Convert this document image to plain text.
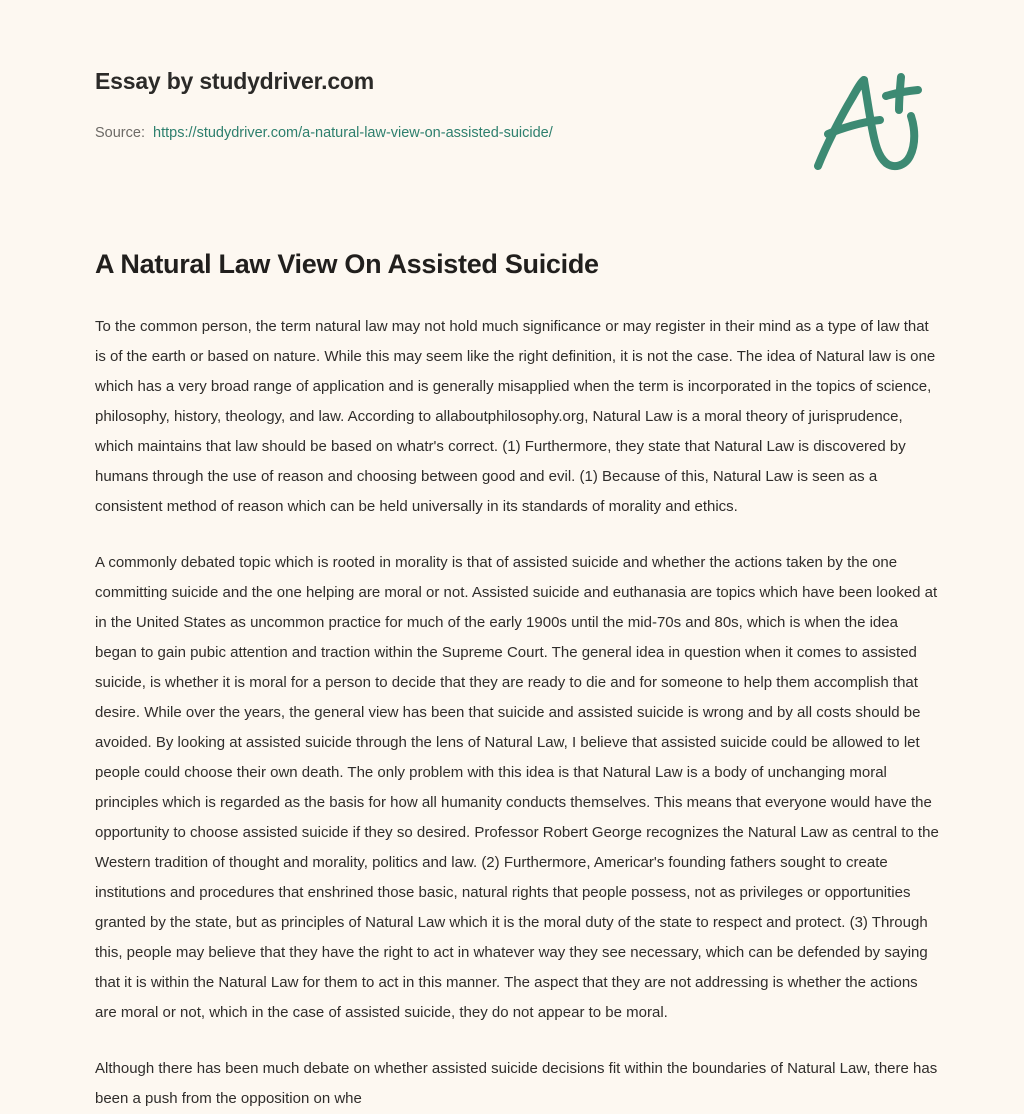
Essay by studydriver.com
Source: https://studydriver.com/a-natural-law-view-on-assisted-suicide/
A Natural Law View On Assisted Suicide

To the common person, the term natural law may not hold much significance or may register in their mind as a type of law that is of the earth or based on nature. While this may seem like the right definition, it is not the case. The idea of Natural law is one which has a very broad range of application and is generally misapplied when the term is incorporated in the topics of science, philosophy, history, theology, and law. According to allaboutphilosophy.org, Natural Law is a moral theory of jurisprudence, which maintains that law should be based on whatr's correct. (1) Furthermore, they state that Natural Law is discovered by humans through the use of reason and choosing between good and evil. (1) Because of this, Natural Law is seen as a consistent method of reason which can be held universally in its standards of morality and ethics.

A commonly debated topic which is rooted in morality is that of assisted suicide and whether the actions taken by the one committing suicide and the one helping are moral or not. Assisted suicide and euthanasia are topics which have been looked at in the United States as uncommon practice for much of the early 1900s until the mid-70s and 80s, which is when the idea began to gain pubic attention and traction within the Supreme Court. The general idea in question when it comes to assisted suicide, is whether it is moral for a person to decide that they are ready to die and for someone to help them accomplish that desire. While over the years, the general view has been that suicide and assisted suicide is wrong and by all costs should be avoided. By looking at assisted suicide through the lens of Natural Law, I believe that assisted suicide could be allowed to let people could choose their own death. The only problem with this idea is that Natural Law is a body of unchanging moral principles which is regarded as the basis for how all humanity conducts themselves. This means that everyone would have the opportunity to choose assisted suicide if they so desired. Professor Robert George recognizes the Natural Law as central to the Western tradition of thought and morality, politics and law. (2) Furthermore, Americar's founding fathers sought to create institutions and procedures that enshrined those basic, natural rights that people possess, not as privileges or opportunities granted by the state, but as principles of Natural Law which it is the moral duty of the state to respect and protect. (3) Through this, people may believe that they have the right to act in whatever way they see necessary, which can be defended by saying that it is within the Natural Law for them to act in this manner. The aspect that they are not addressing is whether the actions are moral or not, which in the case of assisted suicide, they do not appear to be moral.

Although there has been much debate on whether assisted suicide decisions fit within the boundaries of Natural Law, there has been a push from the opposition on whe
